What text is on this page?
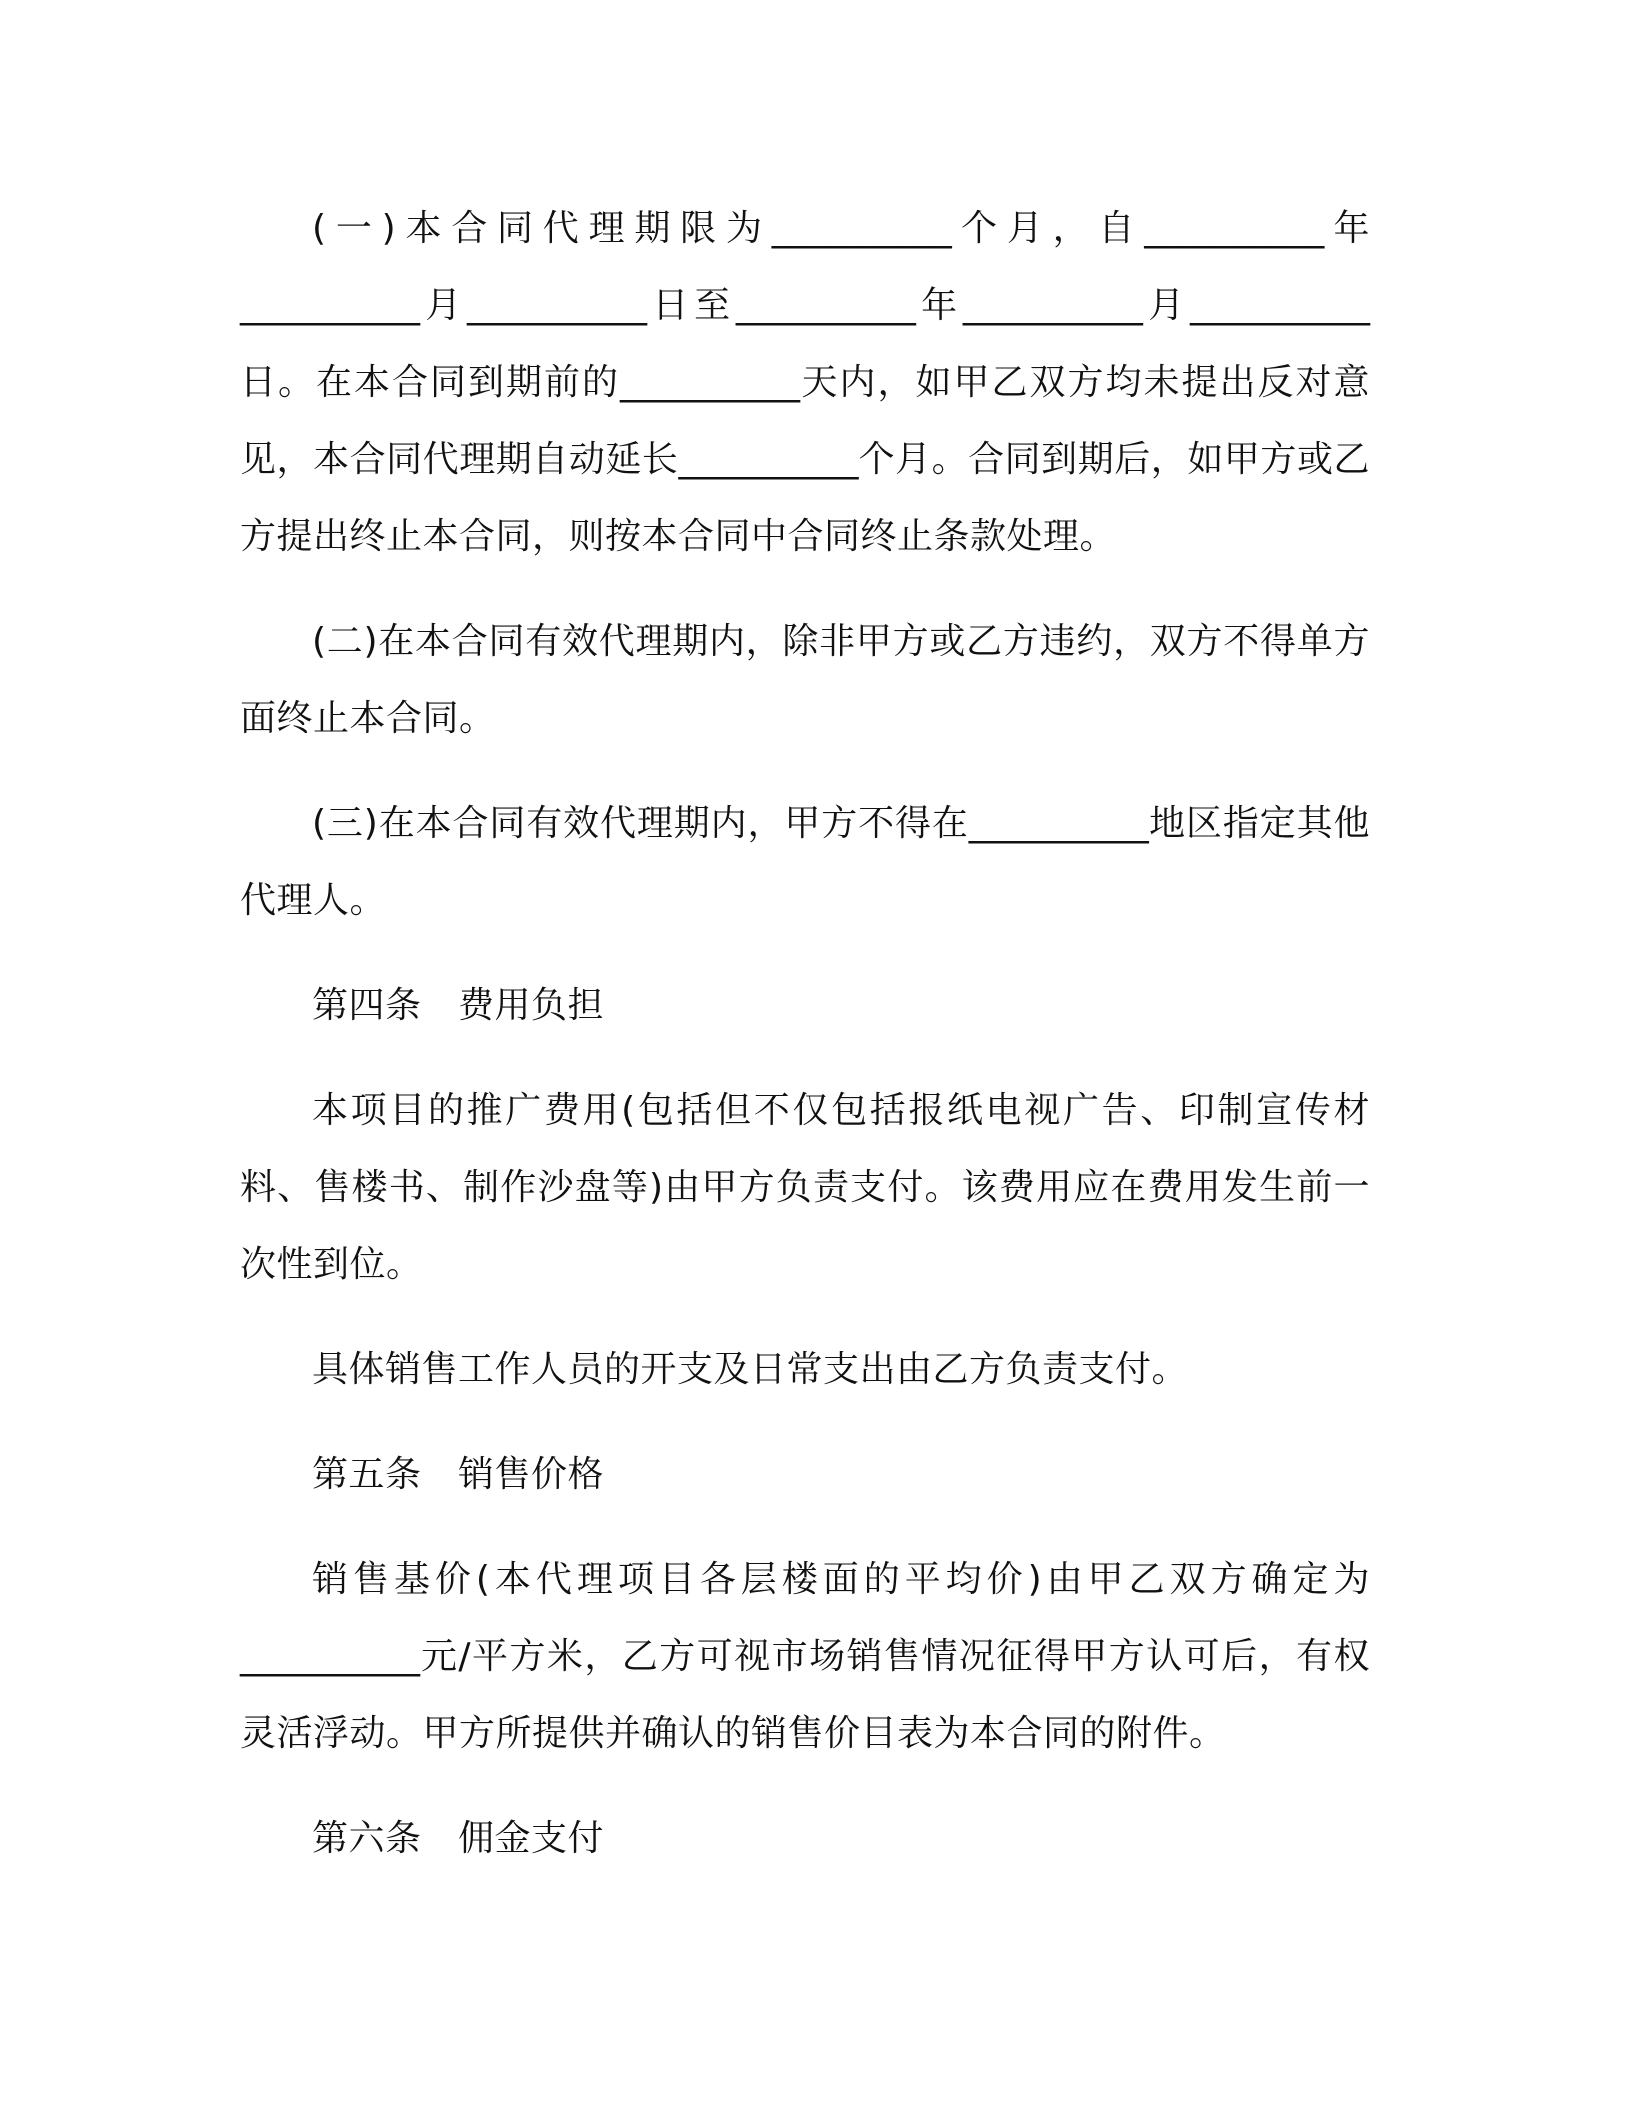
(一)本合同代理期限为__________个月，自__________年__________月__________日至__________年__________月__________日。在本合同到期前的__________天内，如甲乙双方均未提出反对意见，本合同代理期自动延长__________个月。合同到期后，如甲方或乙方提出终止本合同，则按本合同中合同终止条款处理。

(二)在本合同有效代理期内，除非甲方或乙方违约，双方不得单方面终止本合同。

(三)在本合同有效代理期内，甲方不得在__________地区指定其他代理人。

第四条　费用负担

本项目的推广费用(包括但不仅包括报纸电视广告、印制宣传材料、售楼书、制作沙盘等)由甲方负责支付。该费用应在费用发生前一次性到位。

具体销售工作人员的开支及日常支出由乙方负责支付。

第五条　销售价格

销售基价(本代理项目各层楼面的平均价)由甲乙双方确定为__________元/平方米，乙方可视市场销售情况征得甲方认可后，有权灵活浮动。甲方所提供并确认的销售价目表为本合同的附件。

第六条　佣金支付
